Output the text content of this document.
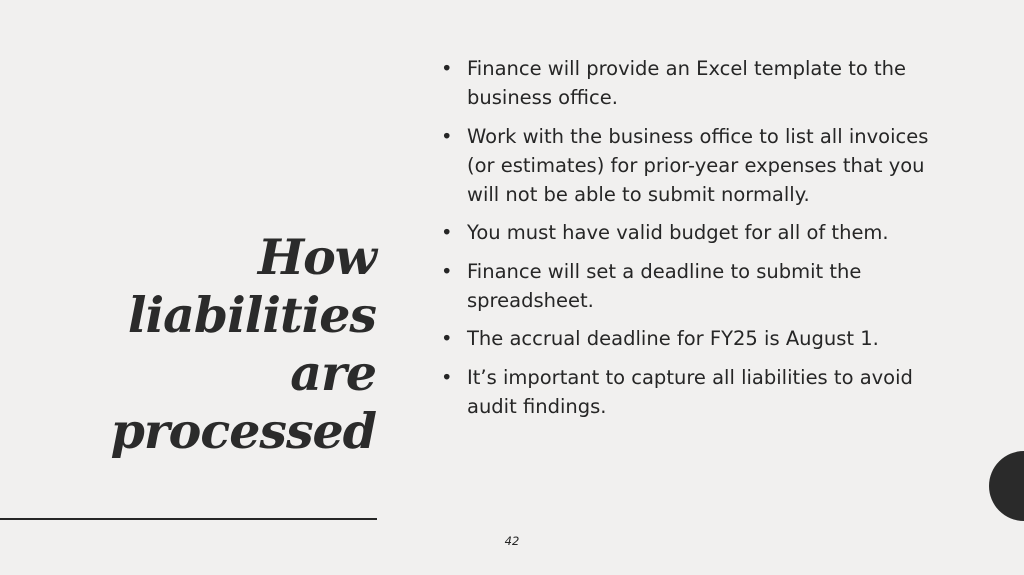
How
liabilities
are
processed
• Finance will provide an Excel template to the business office.
• Work with the business office to list all invoices (or estimates) for prior-year expenses that you will not be able to submit normally.
• You must have valid budget for all of them.
• Finance will set a deadline to submit the spreadsheet.
• The accrual deadline for FY25 is August 1.
• It’s important to capture all liabilities to avoid audit findings.
42
